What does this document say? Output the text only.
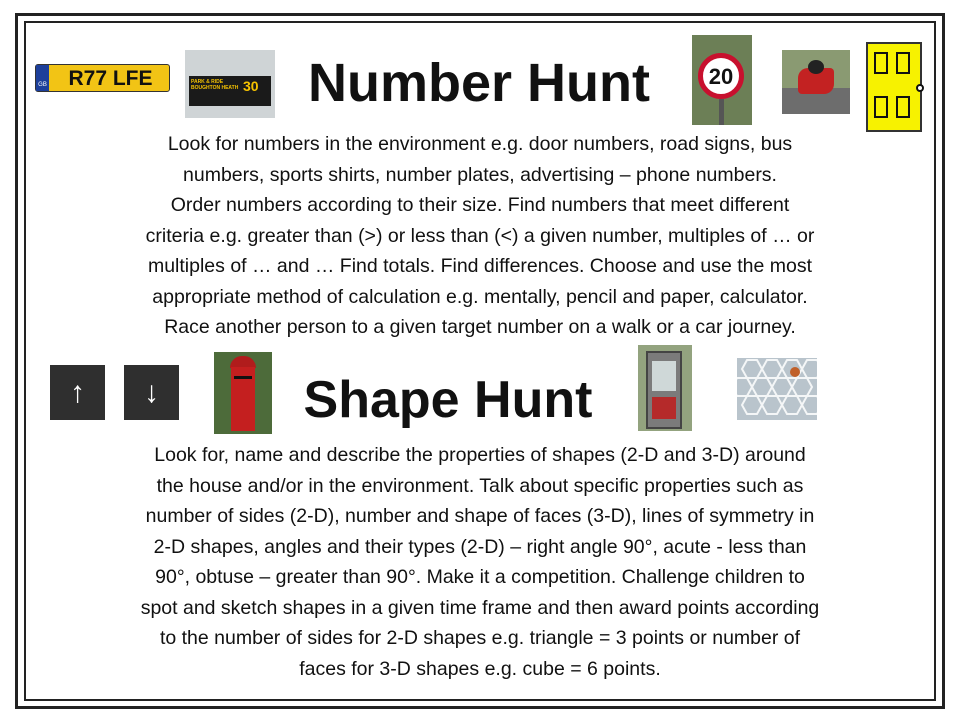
GB	R77 LFE	PARK & RIDE
BOUGHTON HEATH 30 Number Hunt	20
Look for numbers in the environment e.g. door numbers, road signs, bus
numbers, sports shirts, number plates, advertising – phone numbers.
Order numbers according to their size. Find numbers that meet different
criteria e.g. greater than (>) or less than (<) a given number, multiples of … or
multiples of … and … Find totals. Find differences. Choose and use the most
appropriate method of calculation e.g. mentally, pencil and paper, calculator.
Race another person to a given target number on a walk or a car journey.
↑	↓	Shape Hunt
Look for, name and describe the properties of shapes (2-D and 3-D) around
the house and/or in the environment. Talk about specific properties such as
number of sides (2-D), number and shape of faces (3-D), lines of symmetry in
2-D shapes, angles and their types (2-D) – right angle 90°, acute - less than
90°, obtuse – greater than 90°. Make it a competition. Challenge children to
spot and sketch shapes in a given time frame and then award points according
to the number of sides for 2-D shapes e.g. triangle = 3 points or number of
faces for 3-D shapes e.g. cube = 6 points.
